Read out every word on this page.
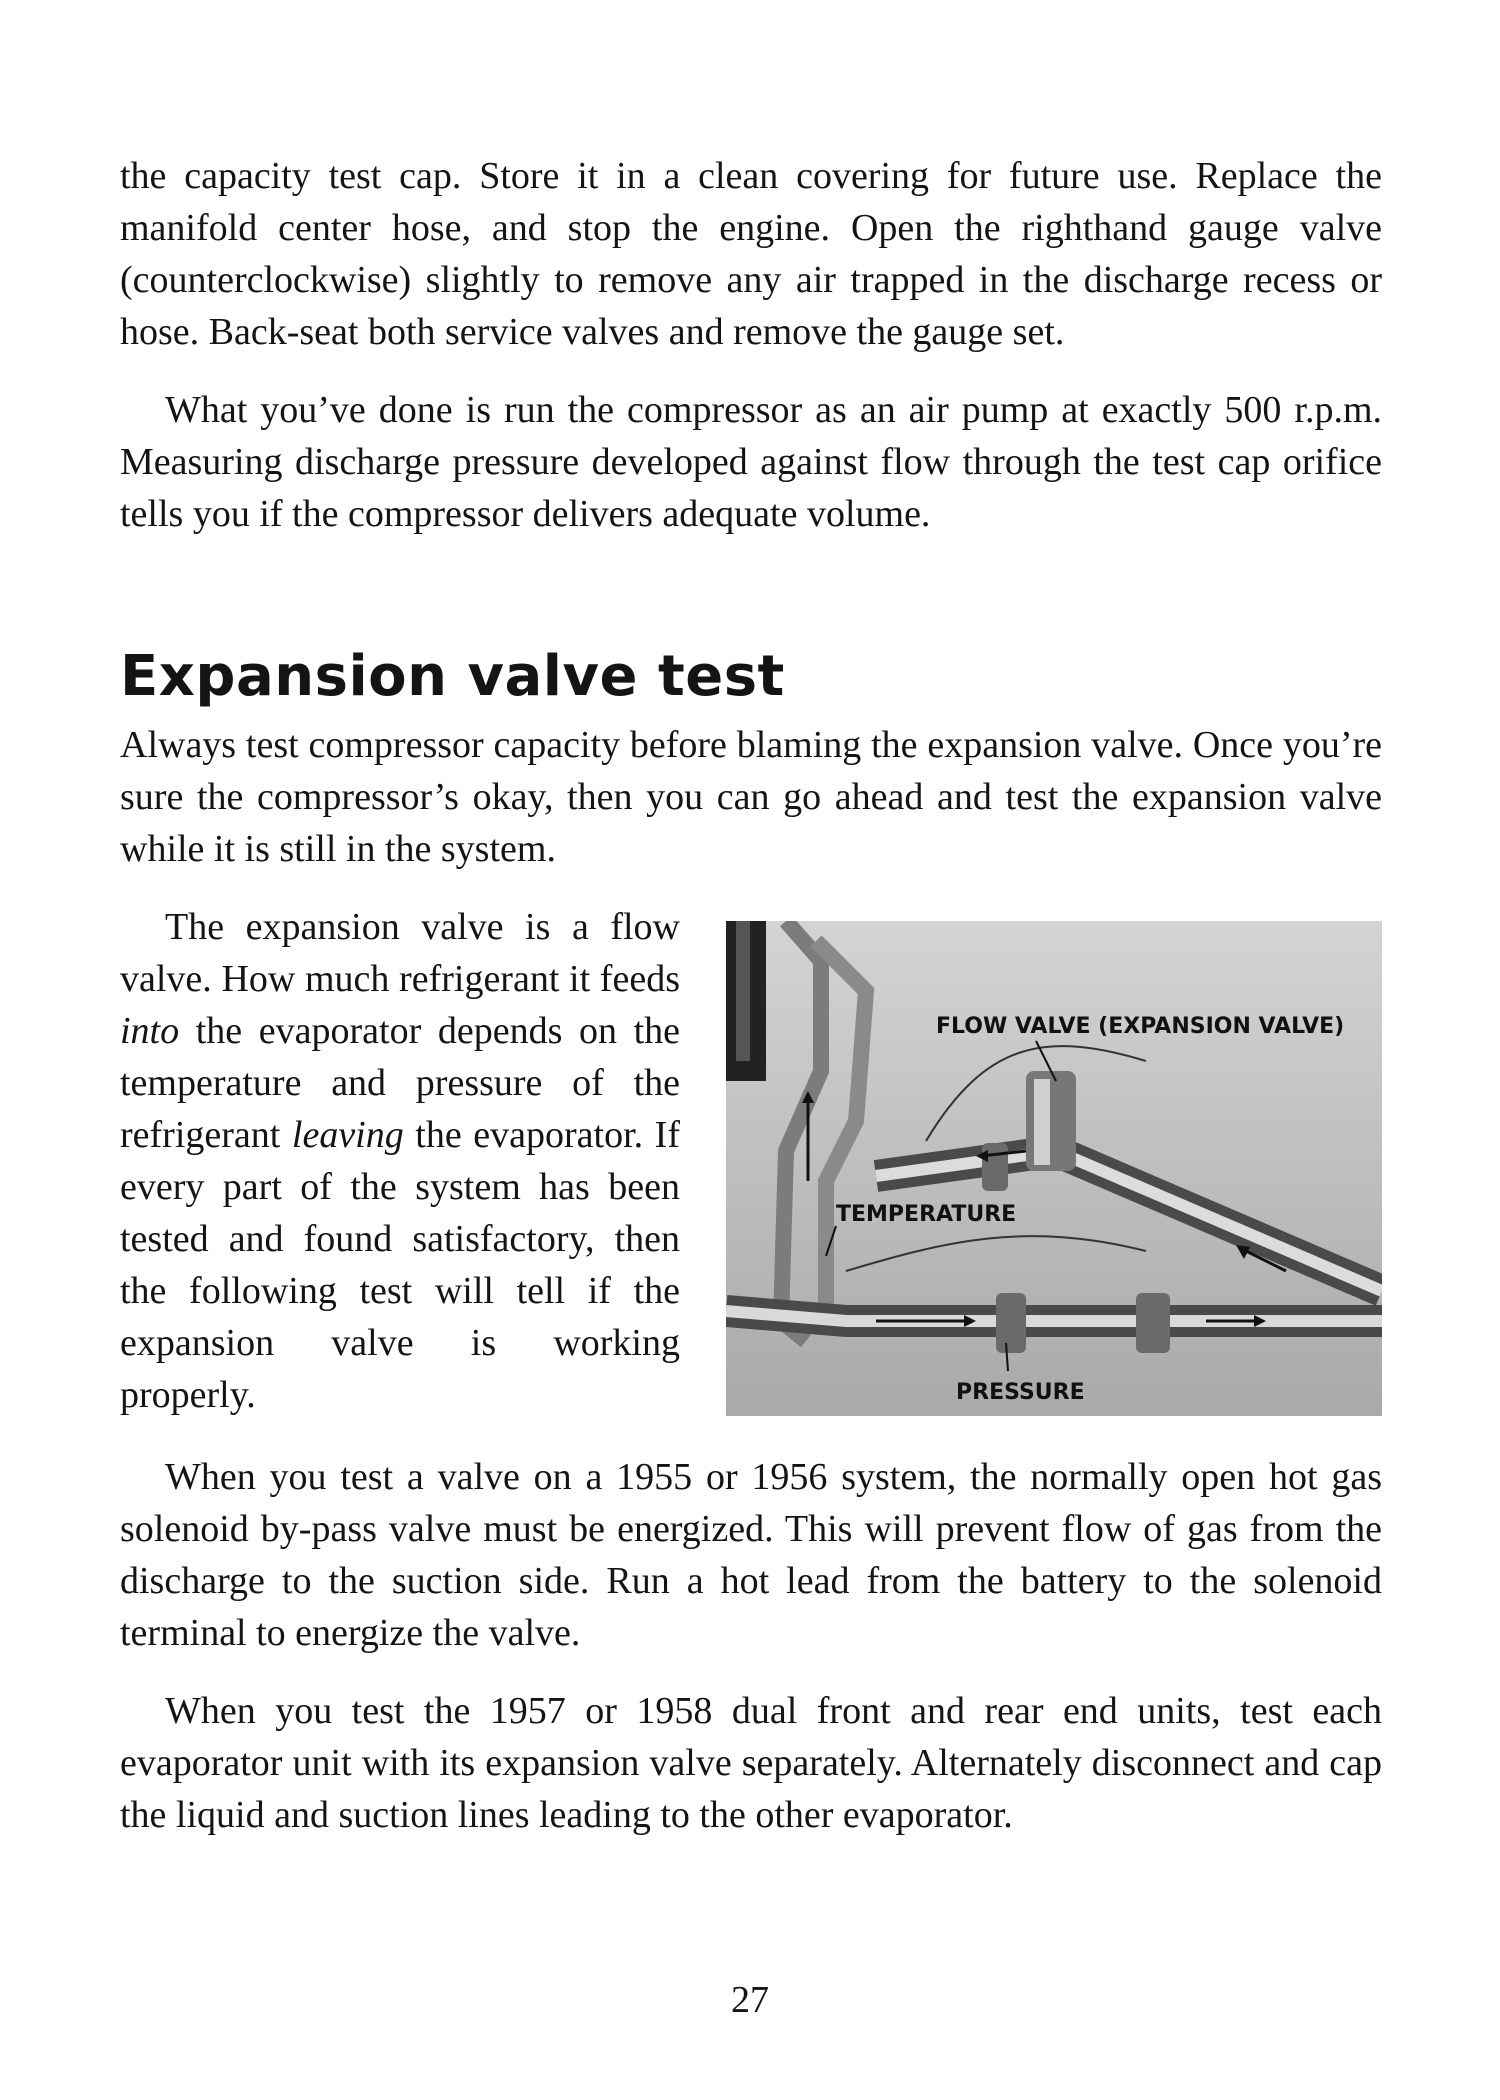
the capacity test cap. Store it in a clean covering for future use. Replace the manifold center hose, and stop the engine. Open the righthand gauge valve (counterclockwise) slightly to remove any air trapped in the discharge recess or hose. Back-seat both service valves and remove the gauge set.

What you’ve done is run the compressor as an air pump at exactly 500 r.p.m. Measuring discharge pressure developed against flow through the test cap orifice tells you if the compressor delivers adequate volume.

Expansion valve test

Always test compressor capacity before blaming the expansion valve. Once you’re sure the compressor’s okay, then you can go ahead and test the expansion valve while it is still in the system.

The expansion valve is a flow valve. How much refrigerant it feeds into the evaporator depends on the temperature and pressure of the refrigerant leaving the evaporator. If every part of the system has been tested and found satisfactory, then the following test will tell if the expansion valve is working properly.

FLOW VALVE (EXPANSION VALVE)
TEMPERATURE
PRESSURE

When you test a valve on a 1955 or 1956 system, the normally open hot gas solenoid by-pass valve must be energized. This will prevent flow of gas from the discharge to the suction side. Run a hot lead from the battery to the solenoid terminal to energize the valve.

When you test the 1957 or 1958 dual front and rear end units, test each evaporator unit with its expansion valve separately. Alternately disconnect and cap the liquid and suction lines leading to the other evaporator.

27
